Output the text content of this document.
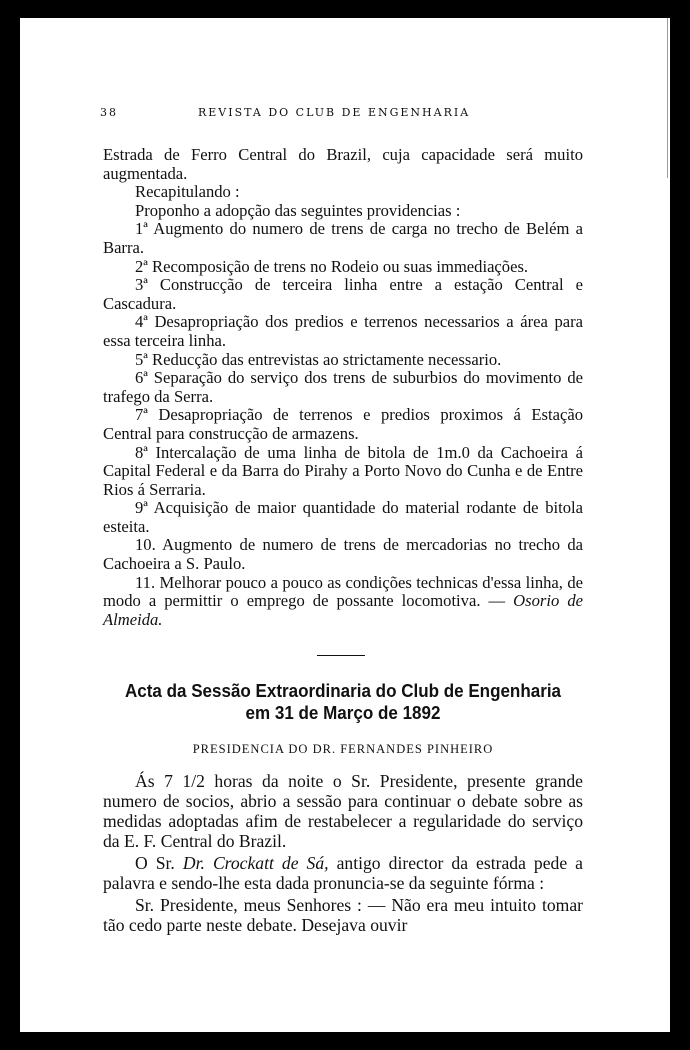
38	REVISTA DO CLUB DE ENGENHARIA

Estrada de Ferro Central do Brazil, cuja capacidade será muito augmentada.

Recapitulando :

Proponho a adopção das seguintes providencias :

1ª Augmento do numero de trens de carga no trecho de Belém a Barra.

2ª Recomposição de trens no Rodeio ou suas immediações.

3ª Construcção de terceira linha entre a estação Central e Cascadura.

4ª Desapropriação dos predios e terrenos necessarios a área para essa terceira linha.

5ª Reducção das entrevistas ao strictamente necessario.

6ª Separação do serviço dos trens de suburbios do movimento de trafego da Serra.

7ª Desapropriação de terrenos e predios proximos á Estação Central para construcção de armazens.

8ª Intercalação de uma linha de bitola de 1m.0 da Cachoeira á Capital Federal e da Barra do Pirahy a Porto Novo do Cunha e de Entre Rios á Serraria.

9ª Acquisição de maior quantidade do material rodante de bitola esteita.

10. Augmento de numero de trens de mercadorias no trecho da Cachoeira a S. Paulo.

11. Melhorar pouco a pouco as condições technicas d'essa linha, de modo a permittir o emprego de possante locomotiva. — Osorio de Almeida.

Acta da Sessão Extraordinaria do Club de Engenharia
em 31 de Março de 1892
PRESIDENCIA DO DR. FERNANDES PINHEIRO

Ás 7 1/2 horas da noite o Sr. Presidente, presente grande numero de socios, abrio a sessão para continuar o debate sobre as medidas adoptadas afim de restabelecer a regularidade do serviço da E. F. Central do Brazil.

O Sr. Dr. Crockatt de Sá, antigo director da estrada pede a palavra e sendo-lhe esta dada pronuncia-se da seguinte fórma :

Sr. Presidente, meus Senhores : — Não era meu intuito tomar tão cedo parte neste debate. Desejava ouvir
